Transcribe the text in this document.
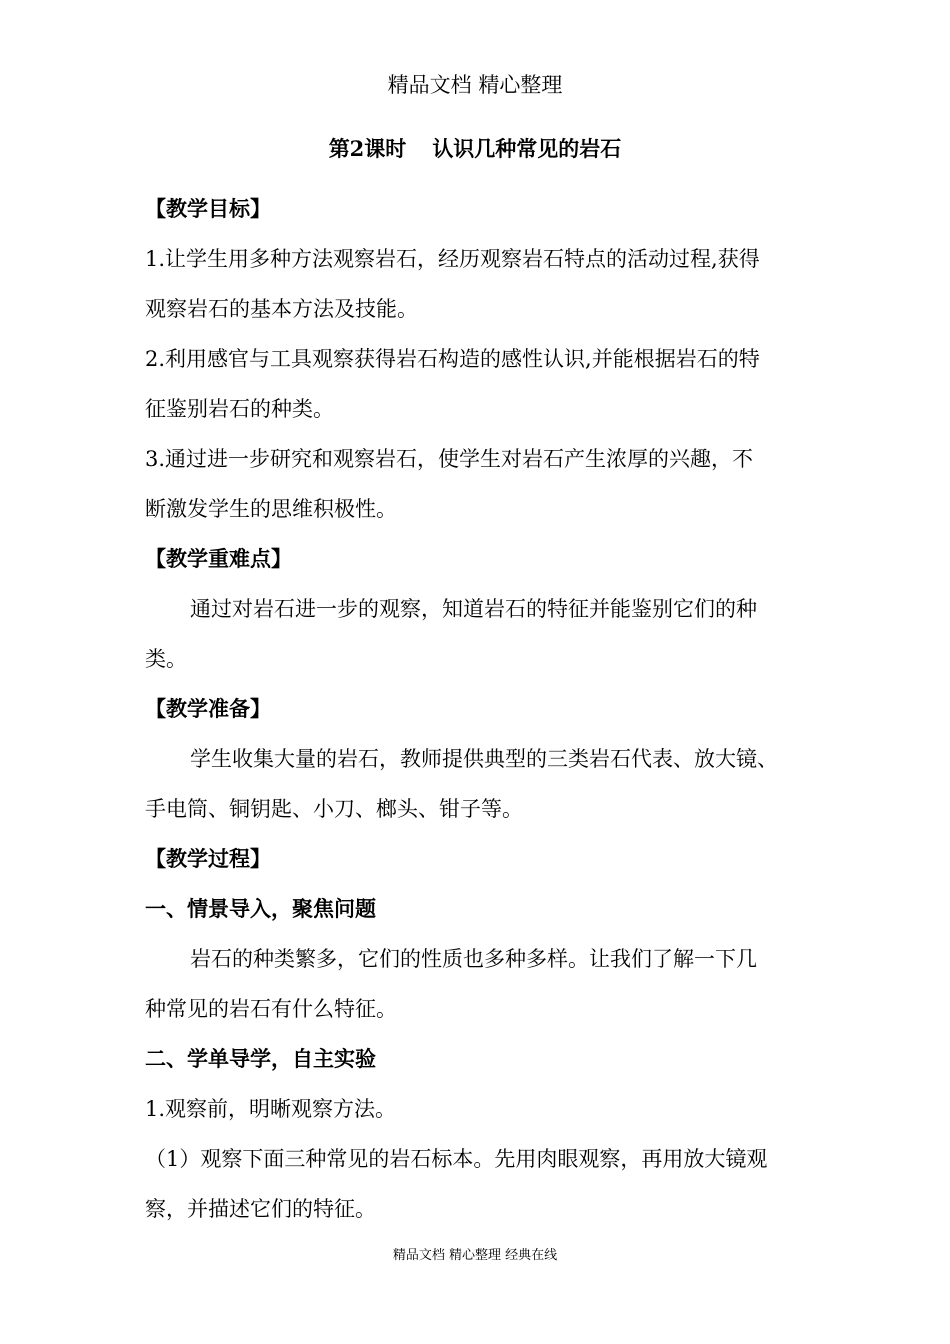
精品文档 精心整理
第2课时 认识几种常见的岩石
【教学目标】
1.让学生用多种方法观察岩石，经历观察岩石特点的活动过程,获得
观察岩石的基本方法及技能。
2.利用感官与工具观察获得岩石构造的感性认识,并能根据岩石的特
征鉴别岩石的种类。
3.通过进一步研究和观察岩石，使学生对岩石产生浓厚的兴趣，不
断激发学生的思维积极性。
【教学重难点】
通过对岩石进一步的观察，知道岩石的特征并能鉴别它们的种
类。
【教学准备】
学生收集大量的岩石，教师提供典型的三类岩石代表、放大镜、
手电筒、铜钥匙、小刀、榔头、钳子等。
【教学过程】
一、情景导入，聚焦问题
岩石的种类繁多，它们的性质也多种多样。让我们了解一下几
种常见的岩石有什么特征。
二、学单导学，自主实验
1.观察前，明晰观察方法。
（1）观察下面三种常见的岩石标本。先用肉眼观察，再用放大镜观
察，并描述它们的特征。
精品文档 精心整理 经典在线
